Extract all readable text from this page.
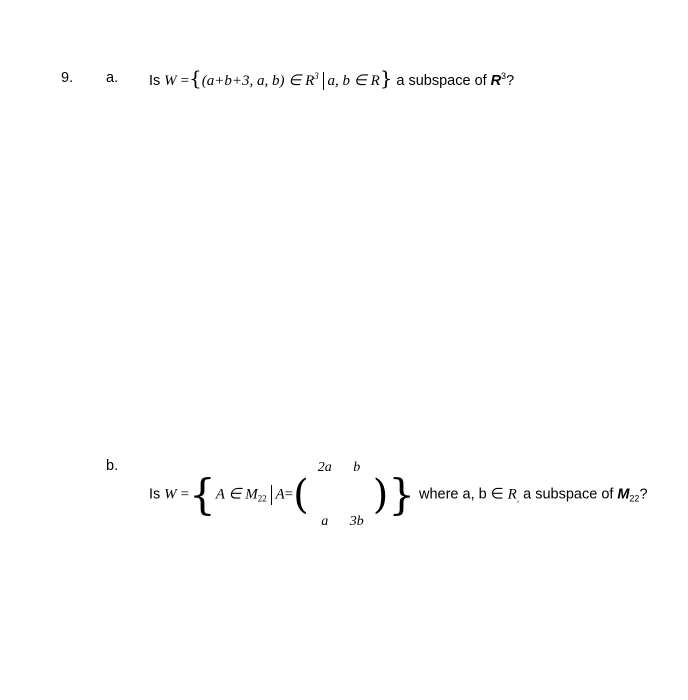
9. a. Is W ={(a+b+3, a, b) ∈ $R^3$ a, b ∈ R} a subspace of $R^3$?
b.
Is W ={A ∈ $M_{22}$ A=(2a	b
a	3b)} where a, b ∈ $R_,$ a subspace of $M_{22}$?
